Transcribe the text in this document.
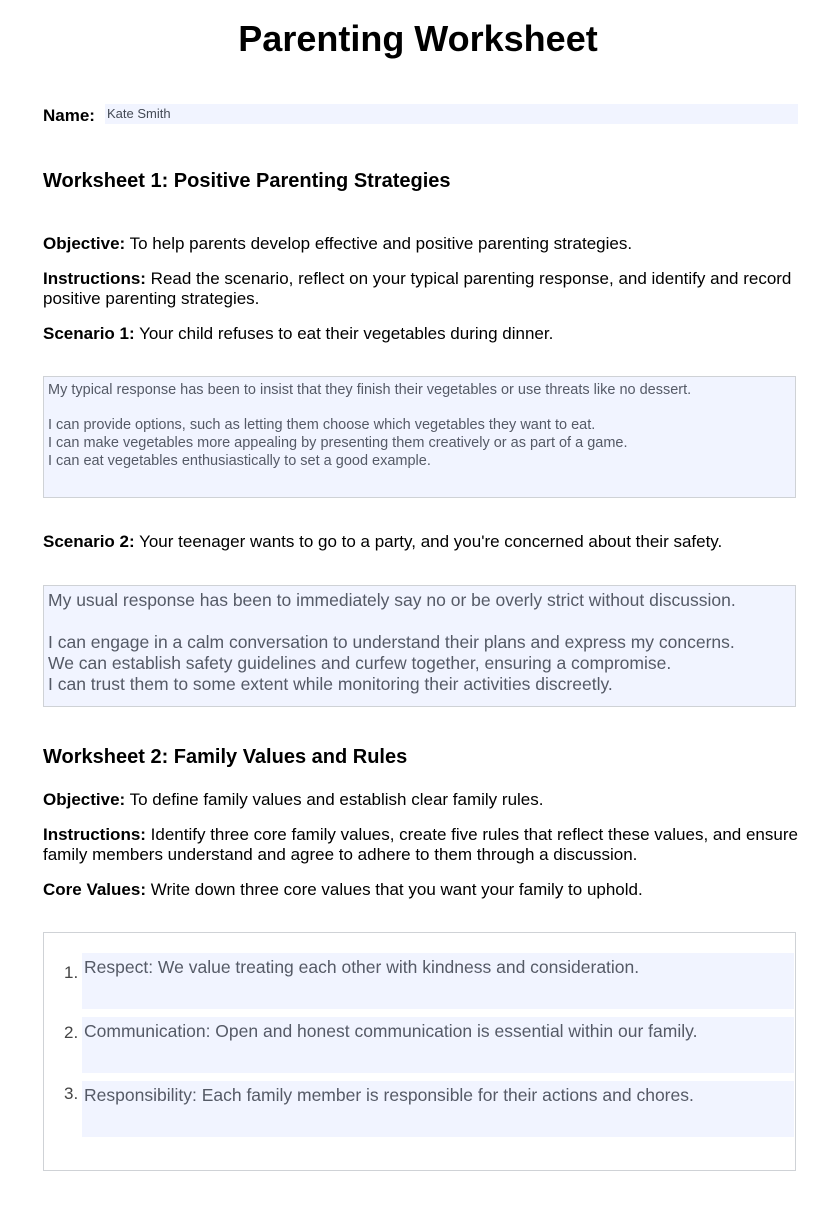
Parenting Worksheet
Name: Kate Smith
Worksheet 1: Positive Parenting Strategies

Objective: To help parents develop effective and positive parenting strategies.

Instructions: Read the scenario, reflect on your typical parenting response, and identify and record positive parenting strategies.

Scenario 1: Your child refuses to eat their vegetables during dinner.

My typical response has been to insist that they finish their vegetables or use threats like no dessert.

I can provide options, such as letting them choose which vegetables they want to eat.

I can make vegetables more appealing by presenting them creatively or as part of a game.

I can eat vegetables enthusiastically to set a good example.

Scenario 2: Your teenager wants to go to a party, and you're concerned about their safety.

My usual response has been to immediately say no or be overly strict without discussion.

I can engage in a calm conversation to understand their plans and express my concerns.

We can establish safety guidelines and curfew together, ensuring a compromise.

I can trust them to some extent while monitoring their activities discreetly.

Worksheet 2: Family Values and Rules

Objective: To define family values and establish clear family rules.

Instructions: Identify three core family values, create five rules that reflect these values, and ensure family members understand and agree to adhere to them through a discussion.

Core Values: Write down three core values that you want your family to uphold.

1. Respect: We value treating each other with kindness and consideration.
2. Communication: Open and honest communication is essential within our family.
3. Responsibility: Each family member is responsible for their actions and chores.
